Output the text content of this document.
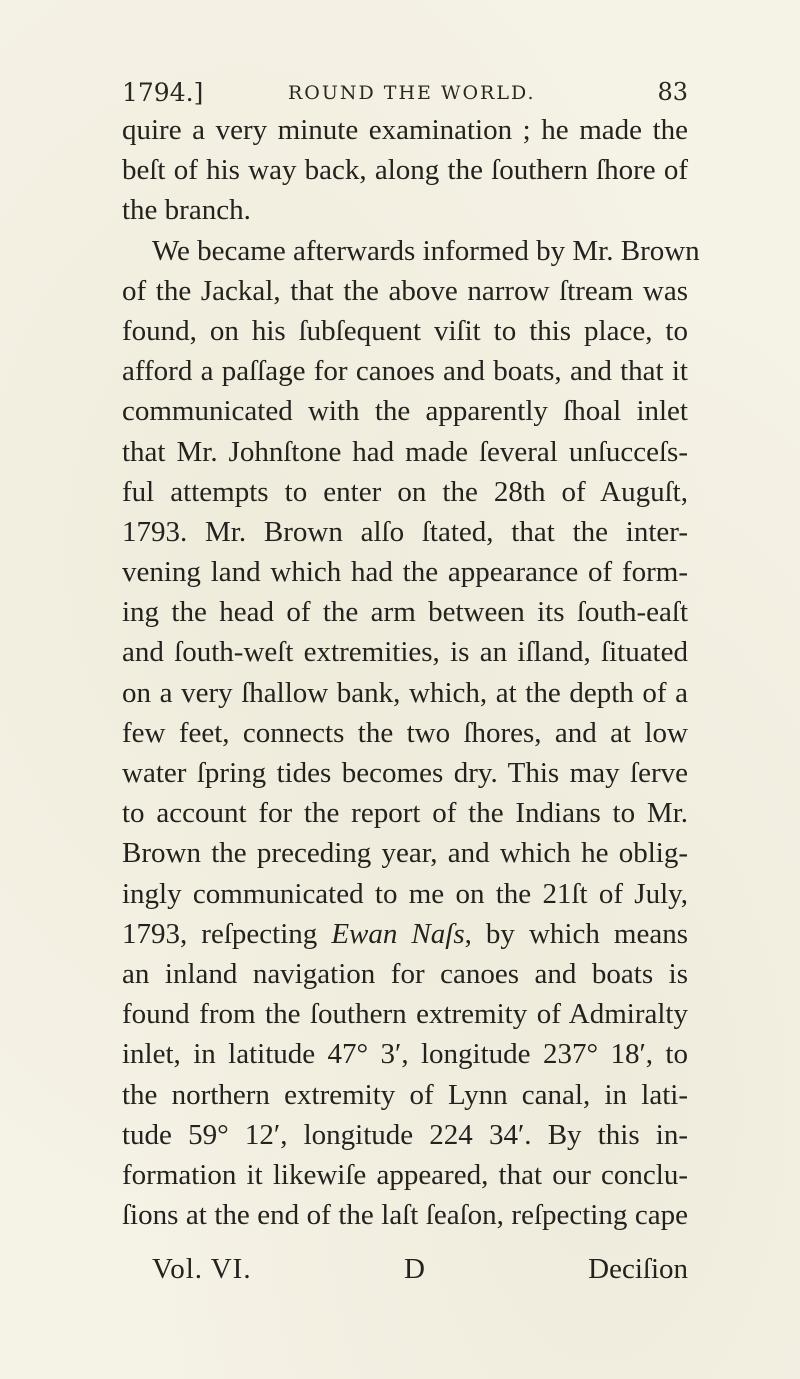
1794.]	ROUND THE WORLD.	83
quire a very minute examination ; he made the
beſt of his way back, along the ſouthern ſhore of
the branch.
We became afterwards informed by Mr. Brown
of the Jackal, that the above narrow ſtream was
found, on his ſubſequent viſit to this place, to
afford a paſſage for canoes and boats, and that it
communicated with the apparently ſhoal inlet
that Mr. Johnſtone had made ſeveral unſucceſs-
ful attempts to enter on the 28th of Auguſt,
1793. Mr. Brown alſo ſtated, that the inter-
vening land which had the appearance of form-
ing the head of the arm between its ſouth-eaſt
and ſouth-weſt extremities, is an iſland, ſituated
on a very ſhallow bank, which, at the depth of a
few feet, connects the two ſhores, and at low
water ſpring tides becomes dry. This may ſerve
to account for the report of the Indians to Mr.
Brown the preceding year, and which he oblig-
ingly communicated to me on the 21ſt of July,
1793, reſpecting Ewan Naſs, by which means
an inland navigation for canoes and boats is
found from the ſouthern extremity of Admiralty
inlet, in latitude 47° 3′, longitude 237° 18′, to
the northern extremity of Lynn canal, in lati-
tude 59° 12′, longitude 224 34′. By this in-
formation it likewiſe appeared, that our conclu-
ſions at the end of the laſt ſeaſon, reſpecting cape
Vol. VI.	D	Deciſion
